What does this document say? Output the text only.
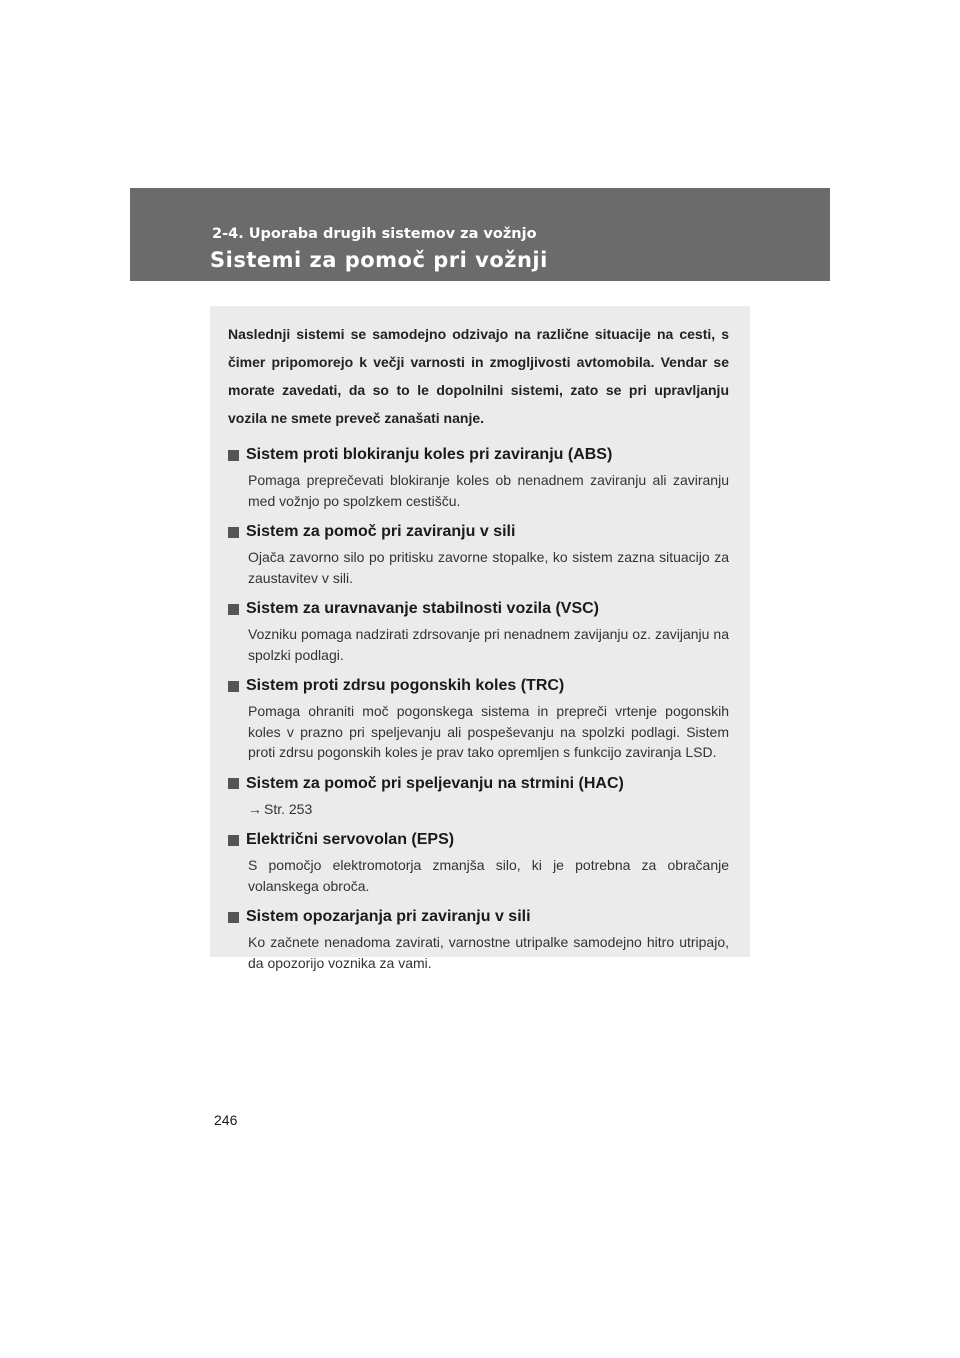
2-4. Uporaba drugih sistemov za vožnjo
Sistemi za pomoč pri vožnji

Naslednji sistemi se samodejno odzivajo na različne situacije na cesti, s čimer pripomorejo k večji varnosti in zmogljivosti avtomobila. Vendar se morate zavedati, da so to le dopolnilni sistemi, zato se pri upravljanju vozila ne smete preveč zanašati nanje.

Sistem proti blokiranju koles pri zaviranju (ABS)

Pomaga preprečevati blokiranje koles ob nenadnem zaviranju ali zaviranju med vožnjo po spolzkem cestišču.

Sistem za pomoč pri zaviranju v sili

Ojača zavorno silo po pritisku zavorne stopalke, ko sistem zazna situacijo za zaustavitev v sili.

Sistem za uravnavanje stabilnosti vozila (VSC)

Vozniku pomaga nadzirati zdrsovanje pri nenadnem zavijanju oz. zavijanju na spolzki podlagi.

Sistem proti zdrsu pogonskih koles (TRC)

Pomaga ohraniti moč pogonskega sistema in prepreči vrtenje pogonskih koles v prazno pri speljevanju ali pospeševanju na spolzki podlagi. Sistem proti zdrsu pogonskih koles je prav tako opremljen s funkcijo zaviranja LSD.

Sistem za pomoč pri speljevanju na strmini (HAC)

→ Str. 253

Električni servovolan (EPS)

S pomočjo elektromotorja zmanjša silo, ki je potrebna za obračanje volanskega obroča.

Sistem opozarjanja pri zaviranju v sili

Ko začnete nenadoma zavirati, varnostne utripalke samodejno hitro utripajo, da opozorijo voznika za vami.

246
